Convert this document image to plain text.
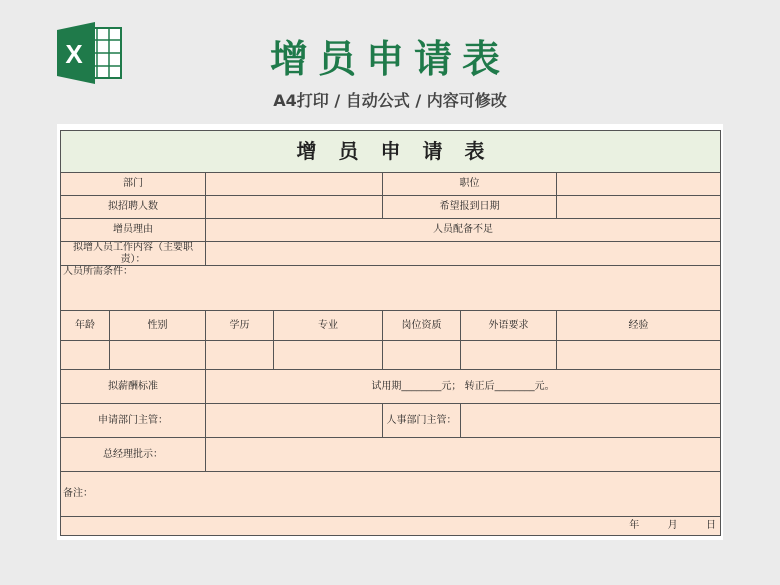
X	增员申请表
A4打印 / 自动公式 / 内容可修改
增员申请表						
部门				职位		
拟招聘人数				希望报到日期		
增员理由		人员配备不足				
拟增人员工作内容（主要职责）：						
人员所需条件：						
年龄	性别	学历	专业	岗位资质	外语要求	经验

拟薪酬标准		试用期________元； 转正后________元。				
申请部门主管：				人事部门主管：		
总经理批示：						
备注：						
年 月 日						
